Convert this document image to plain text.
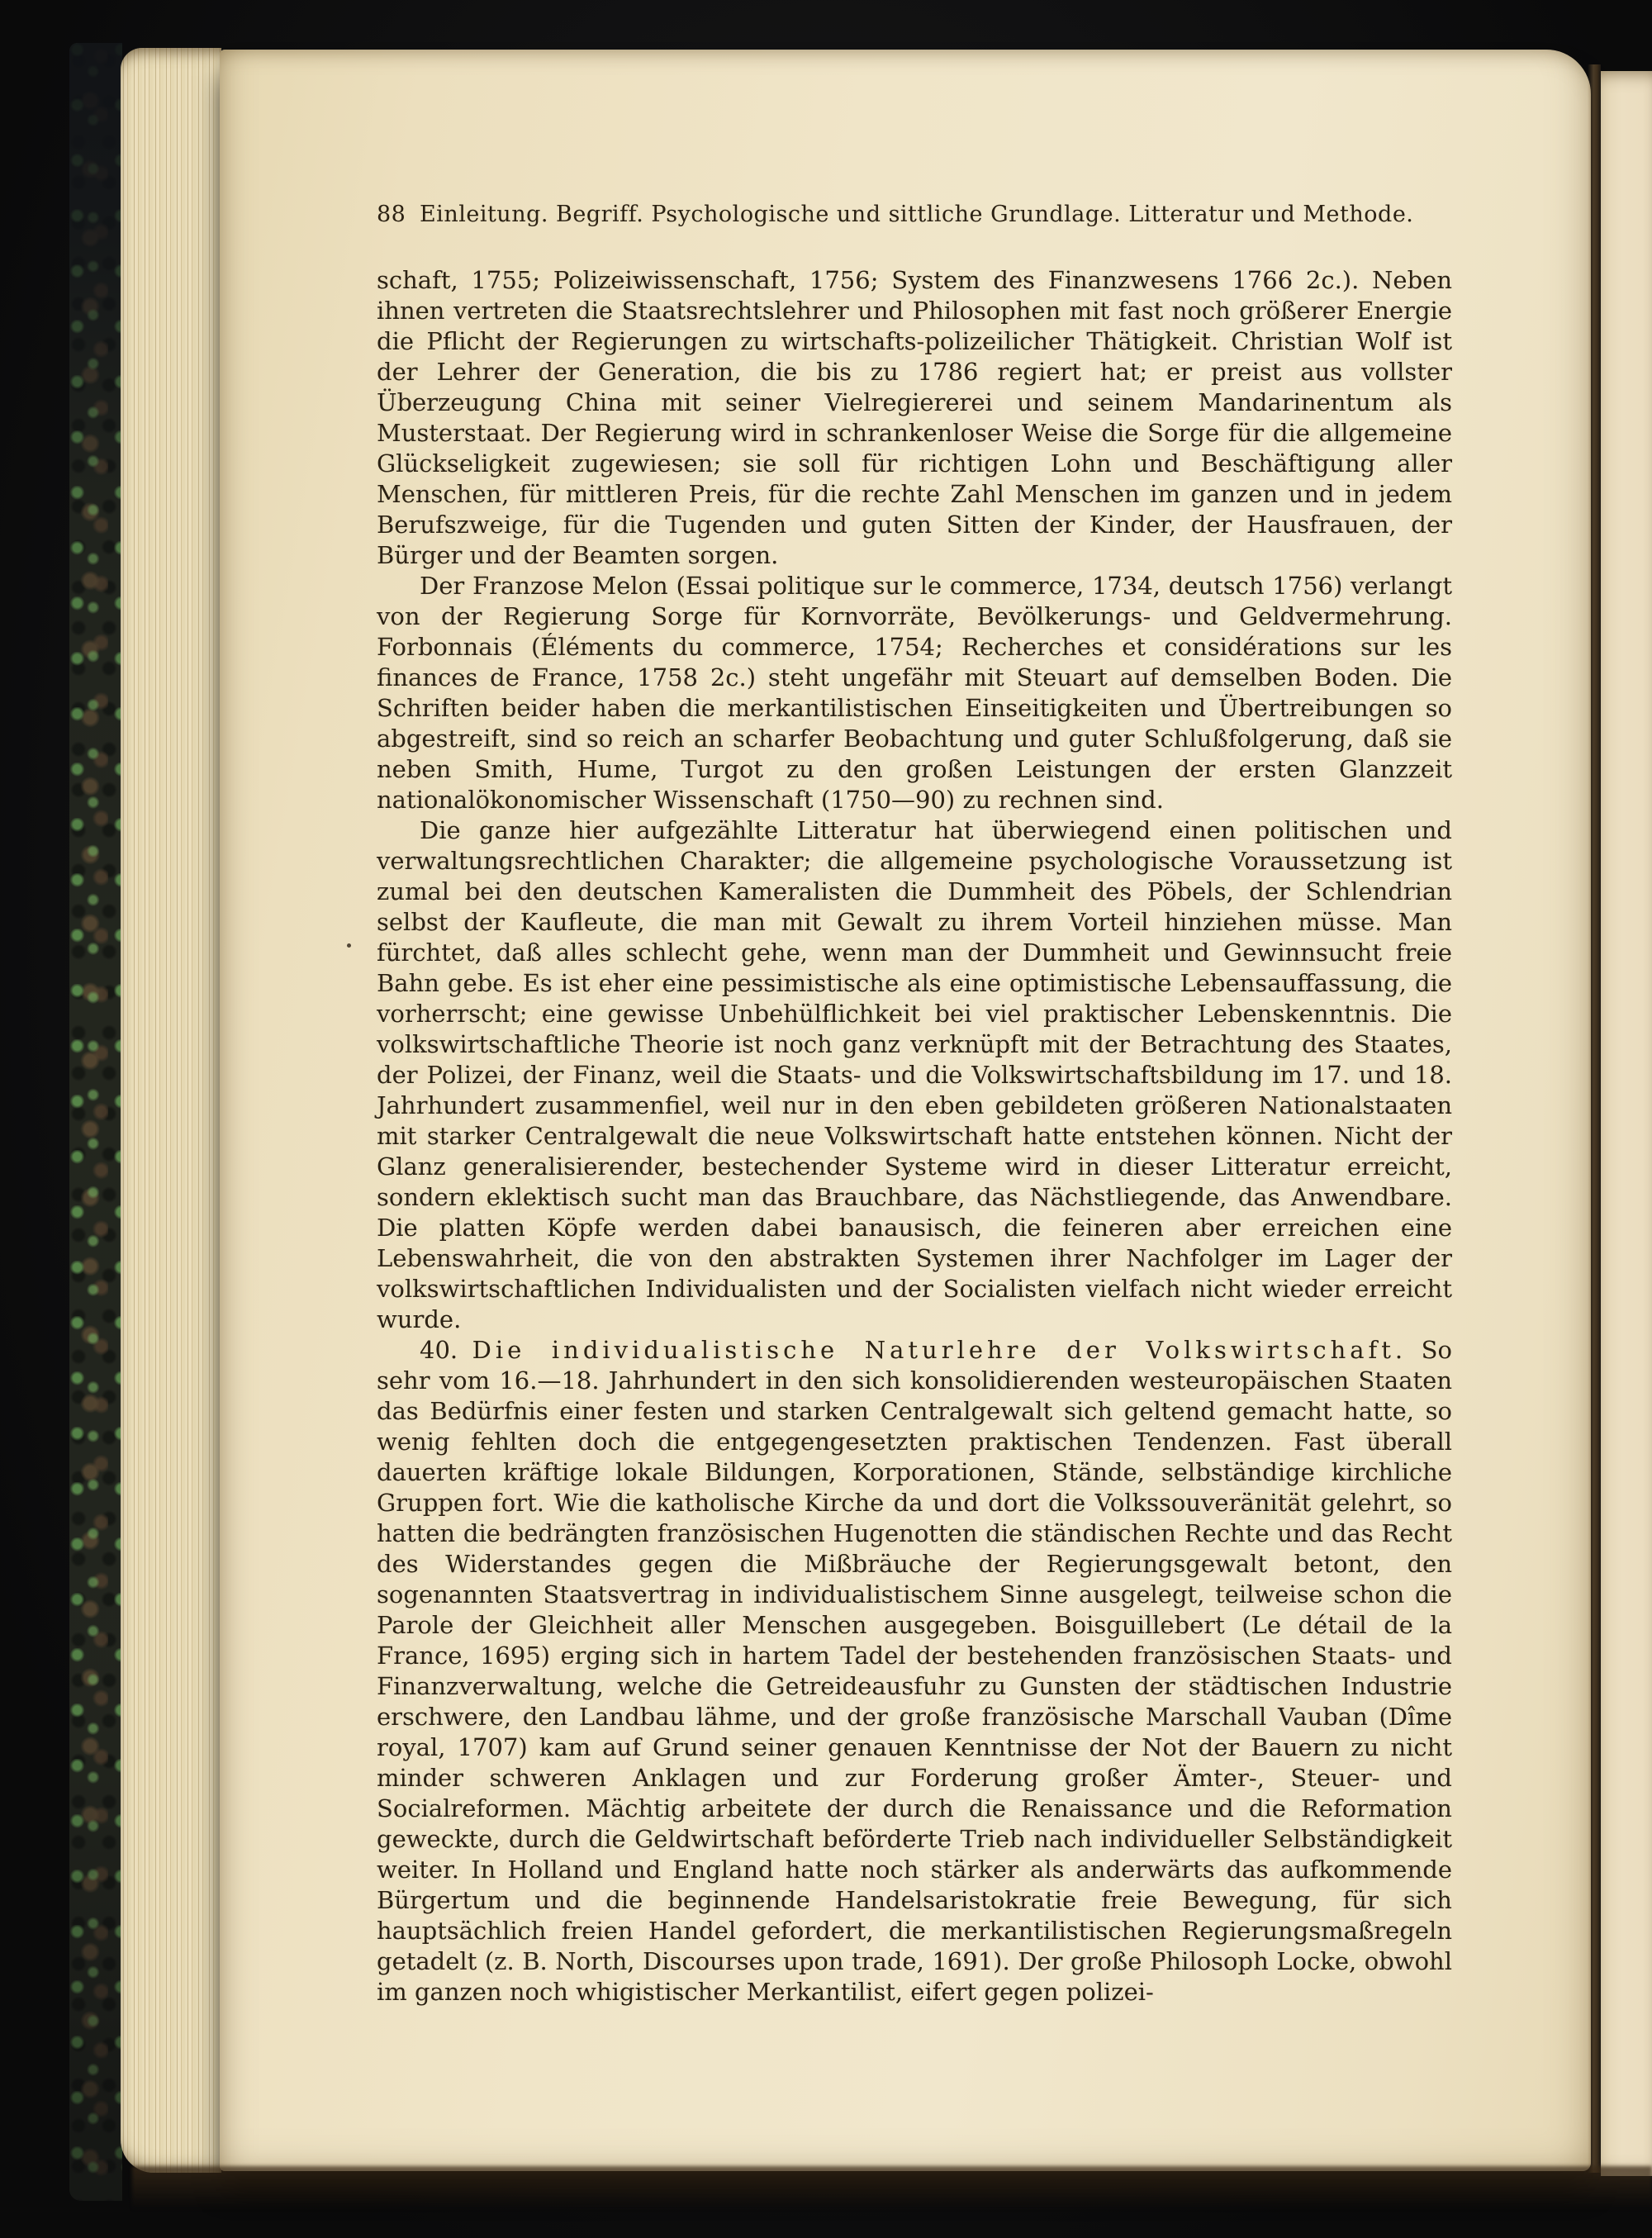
88 Einleitung. Begriff. Psychologische und sittliche Grundlage. Litteratur und Methode.

schaft, 1755; Polizeiwissenschaft, 1756; System des Finanzwesens 1766 2c.). Neben ihnen vertreten die Staatsrechtslehrer und Philosophen mit fast noch größerer Energie die Pflicht der Regierungen zu wirtschafts-polizeilicher Thätigkeit. Christian Wolf ist der Lehrer der Generation, die bis zu 1786 regiert hat; er preist aus vollster Überzeugung China mit seiner Vielregiererei und seinem Mandarinentum als Musterstaat. Der Regierung wird in schrankenloser Weise die Sorge für die allgemeine Glückseligkeit zugewiesen; sie soll für richtigen Lohn und Beschäftigung aller Menschen, für mittleren Preis, für die rechte Zahl Menschen im ganzen und in jedem Berufszweige, für die Tugenden und guten Sitten der Kinder, der Hausfrauen, der Bürger und der Beamten sorgen.

Der Franzose Melon (Essai politique sur le commerce, 1734, deutsch 1756) verlangt von der Regierung Sorge für Kornvorräte, Bevölkerungs- und Geldvermehrung. Forbonnais (Éléments du commerce, 1754; Recherches et considérations sur les finances de France, 1758 2c.) steht ungefähr mit Steuart auf demselben Boden. Die Schriften beider haben die merkantilistischen Einseitigkeiten und Übertreibungen so abgestreift, sind so reich an scharfer Beobachtung und guter Schlußfolgerung, daß sie neben Smith, Hume, Turgot zu den großen Leistungen der ersten Glanzzeit nationalökonomischer Wissenschaft (1750—90) zu rechnen sind.

Die ganze hier aufgezählte Litteratur hat überwiegend einen politischen und verwaltungsrechtlichen Charakter; die allgemeine psychologische Voraussetzung ist zumal bei den deutschen Kameralisten die Dummheit des Pöbels, der Schlendrian selbst der Kaufleute, die man mit Gewalt zu ihrem Vorteil hinziehen müsse. Man fürchtet, daß alles schlecht gehe, wenn man der Dummheit und Gewinnsucht freie Bahn gebe. Es ist eher eine pessimistische als eine optimistische Lebensauffassung, die vorherrscht; eine gewisse Unbehülflichkeit bei viel praktischer Lebenskenntnis. Die volkswirtschaftliche Theorie ist noch ganz verknüpft mit der Betrachtung des Staates, der Polizei, der Finanz, weil die Staats- und die Volkswirtschaftsbildung im 17. und 18. Jahrhundert zusammenfiel, weil nur in den eben gebildeten größeren Nationalstaaten mit starker Centralgewalt die neue Volkswirtschaft hatte entstehen können. Nicht der Glanz generalisierender, bestechender Systeme wird in dieser Litteratur erreicht, sondern eklektisch sucht man das Brauchbare, das Nächstliegende, das Anwendbare. Die platten Köpfe werden dabei banausisch, die feineren aber erreichen eine Lebenswahrheit, die von den abstrakten Systemen ihrer Nachfolger im Lager der volkswirtschaftlichen Individualisten und der Socialisten vielfach nicht wieder erreicht wurde.

40. Die individualistische Naturlehre der Volkswirtschaft. So sehr vom 16.—18. Jahrhundert in den sich konsolidierenden westeuropäischen Staaten das Bedürfnis einer festen und starken Centralgewalt sich geltend gemacht hatte, so wenig fehlten doch die entgegengesetzten praktischen Tendenzen. Fast überall dauerten kräftige lokale Bildungen, Korporationen, Stände, selbständige kirchliche Gruppen fort. Wie die katholische Kirche da und dort die Volkssouveränität gelehrt, so hatten die bedrängten französischen Hugenotten die ständischen Rechte und das Recht des Widerstandes gegen die Mißbräuche der Regierungsgewalt betont, den sogenannten Staatsvertrag in individualistischem Sinne ausgelegt, teilweise schon die Parole der Gleichheit aller Menschen ausgegeben. Boisguillebert (Le détail de la France, 1695) erging sich in hartem Tadel der bestehenden französischen Staats- und Finanzverwaltung, welche die Getreideausfuhr zu Gunsten der städtischen Industrie erschwere, den Landbau lähme, und der große französische Marschall Vauban (Dîme royal, 1707) kam auf Grund seiner genauen Kenntnisse der Not der Bauern zu nicht minder schweren Anklagen und zur Forderung großer Ämter-, Steuer- und Socialreformen. Mächtig arbeitete der durch die Renaissance und die Reformation geweckte, durch die Geldwirtschaft beförderte Trieb nach individueller Selbständigkeit weiter. In Holland und England hatte noch stärker als anderwärts das aufkommende Bürgertum und die beginnende Handelsaristokratie freie Bewegung, für sich hauptsächlich freien Handel gefordert, die merkantilistischen Regierungsmaßregeln getadelt (z. B. North, Discourses upon trade, 1691). Der große Philosoph Locke, obwohl im ganzen noch whigistischer Merkantilist, eifert gegen polizei-
